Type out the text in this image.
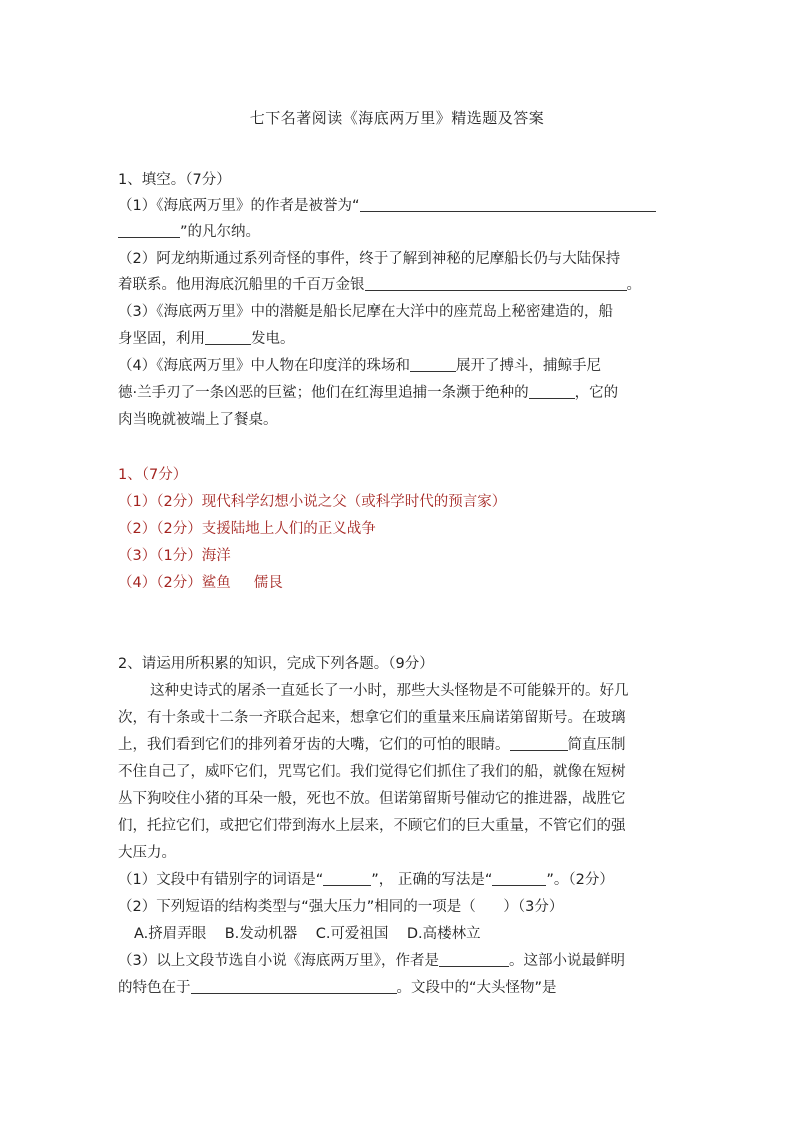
七下名著阅读《海底两万里》精选题及答案
1、填空。（7分）
（1）《海底两万里》的作者是被誉为“
”的凡尔纳。
（2）阿龙纳斯通过系列奇怪的事件，终于了解到神秘的尼摩船长仍与大陆保持
着联系。他用海底沉船里的千百万金银	。
（3）《海底两万里》中的潜艇是船长尼摩在大洋中的座荒岛上秘密建造的，船
身坚固，利用	发电。
（4）《海底两万里》中人物在印度洋的珠场和	展开了搏斗，捕鲸手尼
德·兰手刃了一条凶恶的巨鲨；他们在红海里追捕一条濒于绝种的	，它的
肉当晚就被端上了餐桌。
1、（7分）
（1）（2分）现代科学幻想小说之父（或科学时代的预言家）
（2）（2分）支援陆地上人们的正义战争
（3）（1分）海洋
（4）（2分）鲨鱼     儒艮
2、请运用所积累的知识，完成下列各题。（9分）
这种史诗式的屠杀一直延长了一小时，那些大头怪物是不可能躲开的。好几
次，有十条或十二条一齐联合起来，想拿它们的重量来压扁诺第留斯号。在玻璃
上，我们看到它们的排列着牙齿的大嘴，它们的可怕的眼睛。	简直压制
不住自己了，威吓它们，咒骂它们。我们觉得它们抓住了我们的船，就像在短树
丛下狗咬住小猪的耳朵一般，死也不放。但诺第留斯号催动它的推进器，战胜它
们，托拉它们，或把它们带到海水上层来，不顾它们的巨大重量，不管它们的强
大压力。
（1）文段中有错别字的词语是“	”， 正确的写法是“	”。（2分）
（2）下列短语的结构类型与“强大压力”相同的一项是（      ）（3分）
A.挤眉弄眼    B.发动机器    C.可爱祖国    D.高楼林立
（3）以上文段节选自小说《海底两万里》，作者是	。这部小说最鲜明
的特色在于	。文段中的“大头怪物”是
